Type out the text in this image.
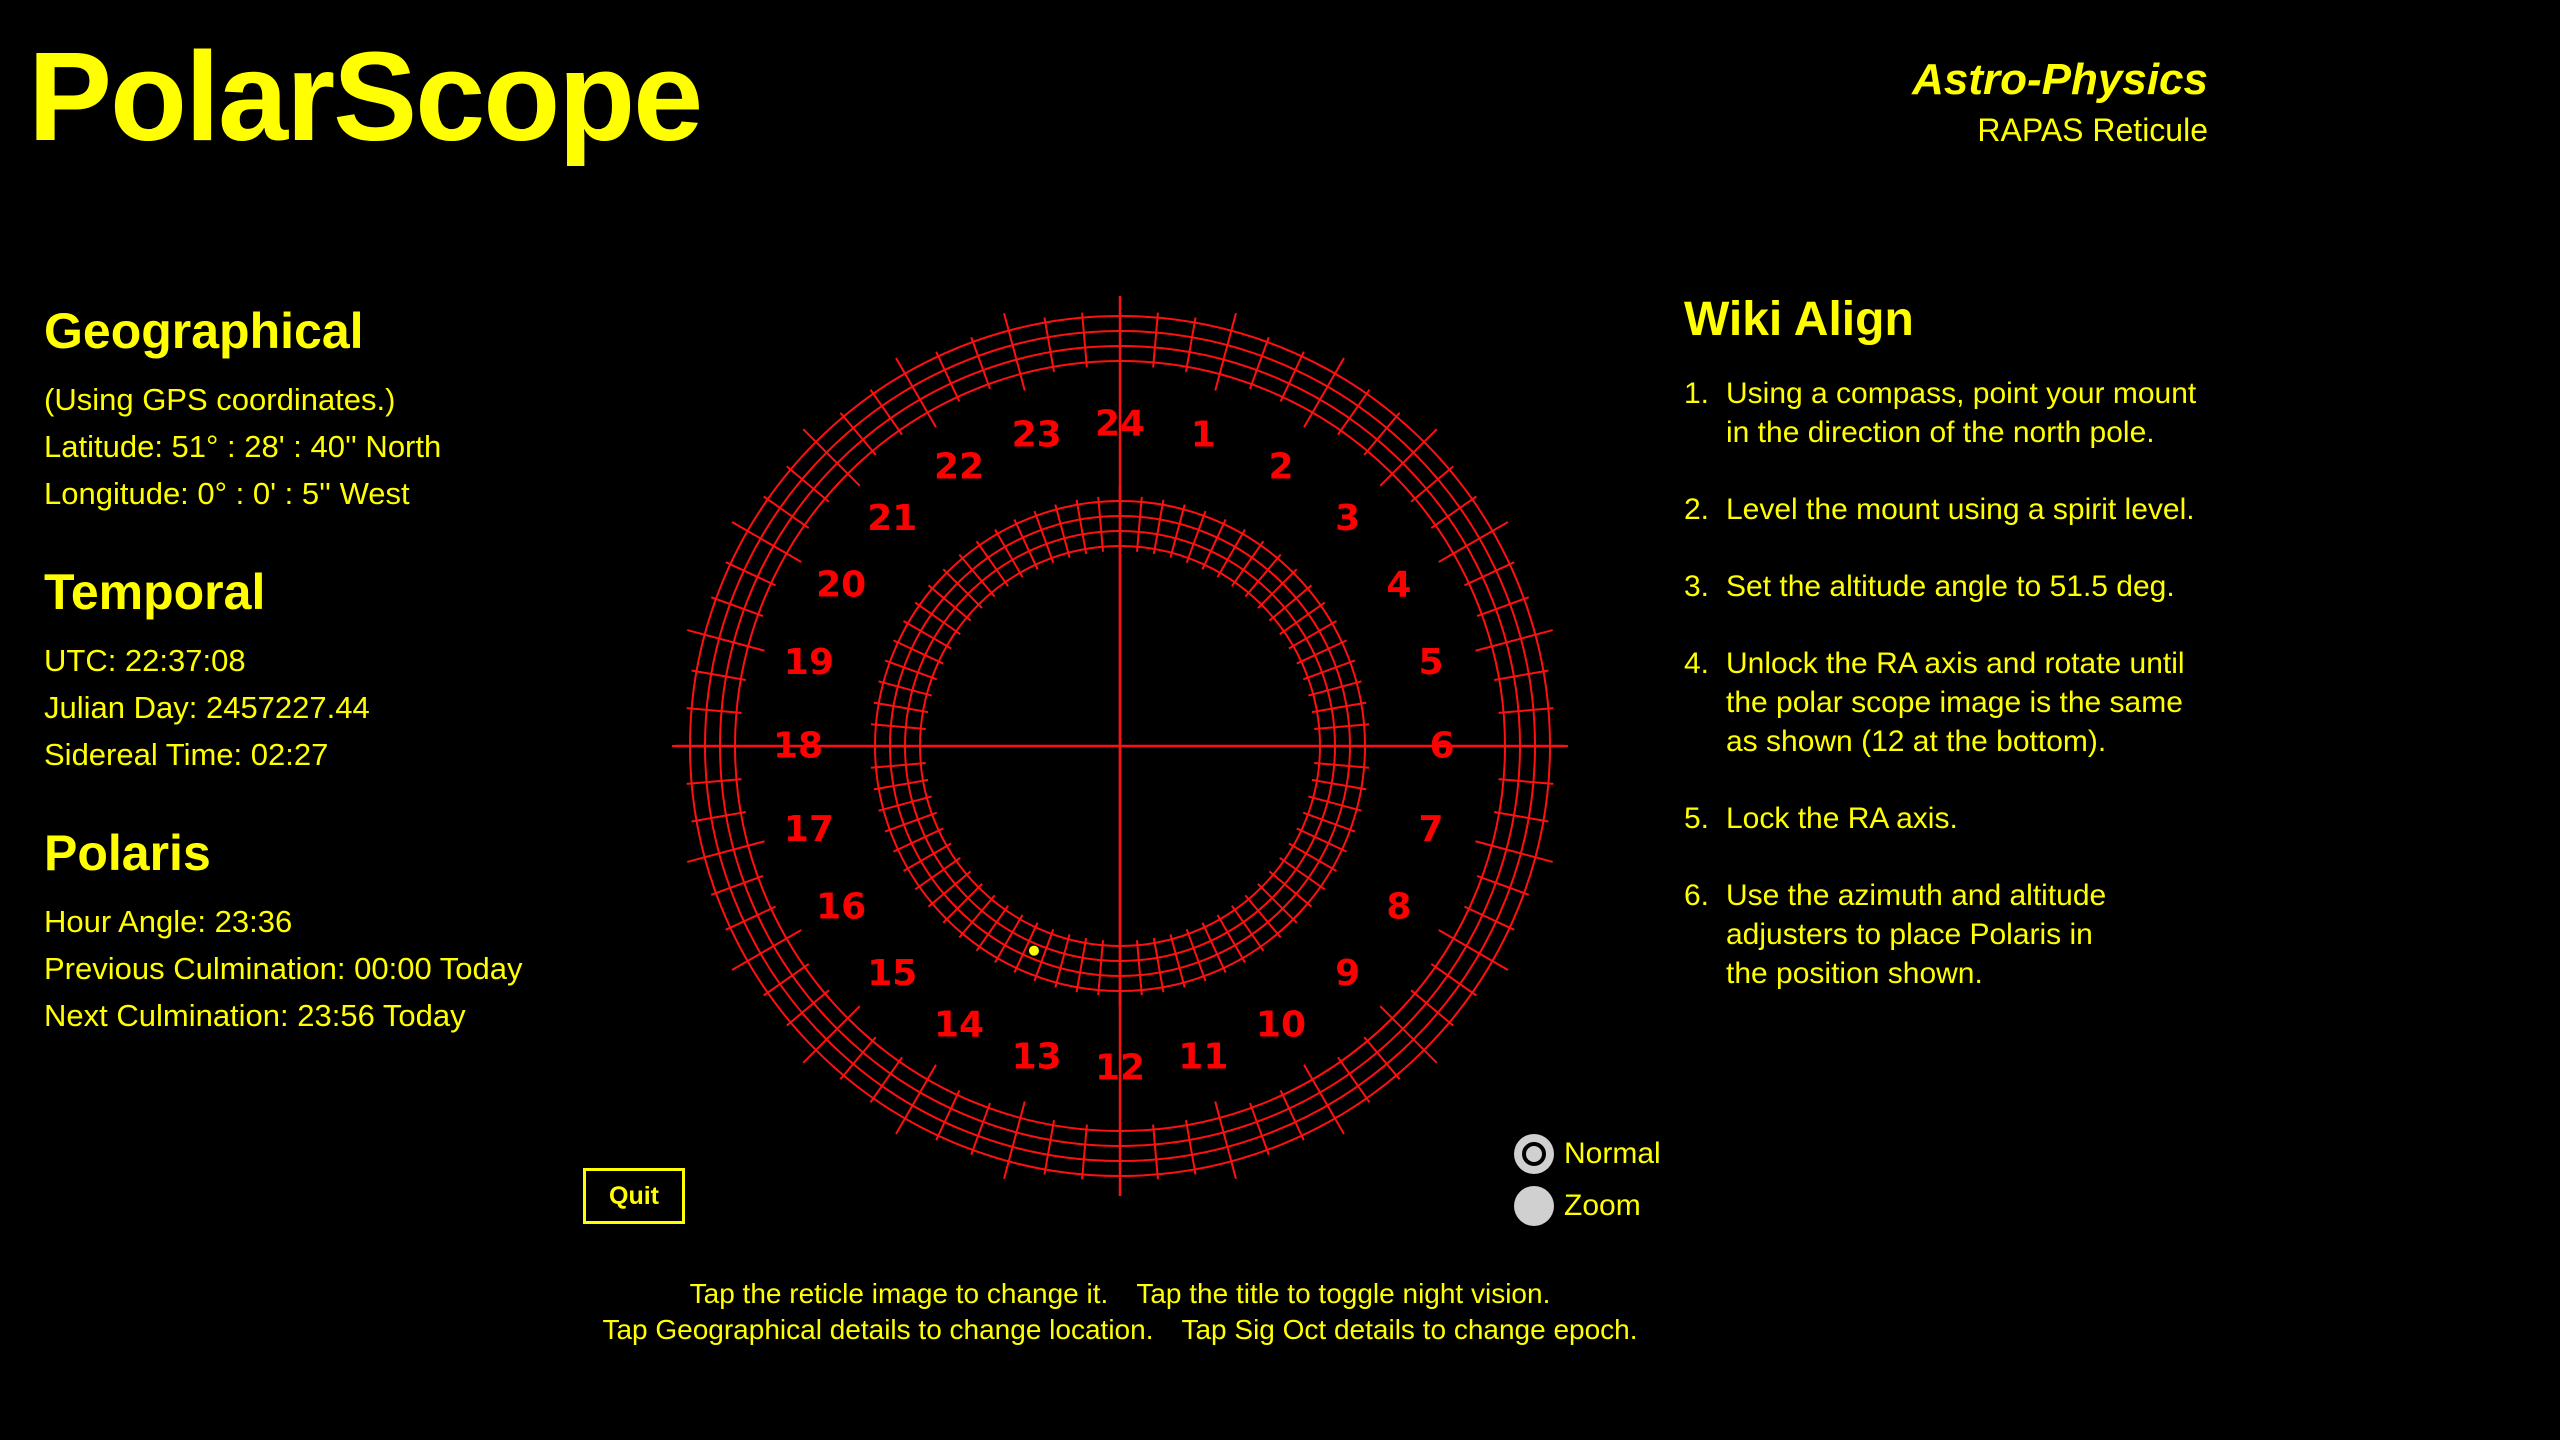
PolarScope	Astro-Physics
RAPAS Reticule
Geographical
(Using GPS coordinates.)
Latitude: 51° : 28' : 40'' North
Longitude: 0° : 0' : 5'' West
Temporal
UTC: 22:37:08
Julian Day: 2457227.44
Sidereal Time: 02:27
Polaris
Hour Angle: 23:36
Previous Culmination: 00:00 Today
Next Culmination: 23:56 Today
24 1
2
3
4
5
6
7
8
9
10
11
12
13
14
15
16
17
18
19
20
21
22
23
Quit
Normal
Zoom
Tap the reticle image to change it. Tap the title to toggle night vision.
Tap Geographical details to change location. Tap Sig Oct details to change epoch.
Wiki Align
1. Using a compass, point your mount
in the direction of the north pole.
2. Level the mount using a spirit level.
3. Set the altitude angle to 51.5 deg.
4. Unlock the RA axis and rotate until
the polar scope image is the same
as shown (12 at the bottom).
5. Lock the RA axis.
6. Use the azimuth and altitude
adjusters to place Polaris in
the position shown.
